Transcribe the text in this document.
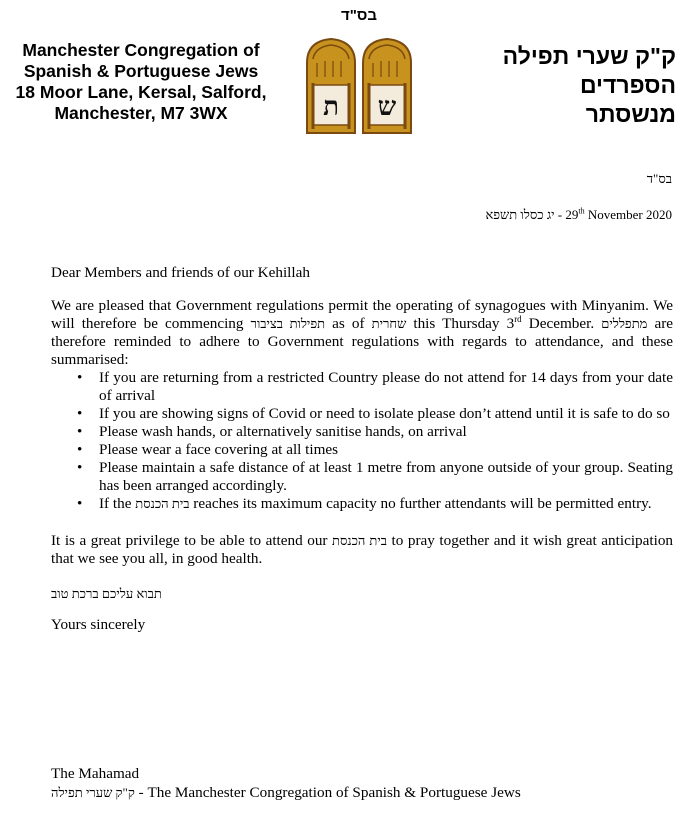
Manchester Congregation of
Spanish & Portuguese Jews
18 Moor Lane, Kersal, Salford,
Manchester, M7 3WX
בס"ד
ת ש
ק"ק שערי תפילה
הספרדים
מנשסתר
בס"ד
יג כסלו תשפא - 29th November 2020

Dear Members and friends of our Kehillah

We are pleased that Government regulations permit the operating of synagogues with Minyanim. We will therefore be commencing תפילות בציבור as of שחרית this Thursday 3rd December. מתפללים are therefore reminded to adhere to Government regulations with regards to attendance, and these summarised:

• If you are returning from a restricted Country please do not attend for 14 days from your date of arrival
• If you are showing signs of Covid or need to isolate please don’t attend until it is safe to do so
• Please wash hands, or alternatively sanitise hands, on arrival
• Please wear a face covering at all times
• Please maintain a safe distance of at least 1 metre from anyone outside of your group. Seating has been arranged accordingly.
• If the בית הכנסת reaches its maximum capacity no further attendants will be permitted entry.

It is a great privilege to be able to attend our בית הכנסת to pray together and it wish great anticipation that we see you all, in good health.

תבוא עליכם ברכת טוב

Yours sincerely

The Mahamad
ק"ק שערי תפילה - The Manchester Congregation of Spanish & Portuguese Jews
